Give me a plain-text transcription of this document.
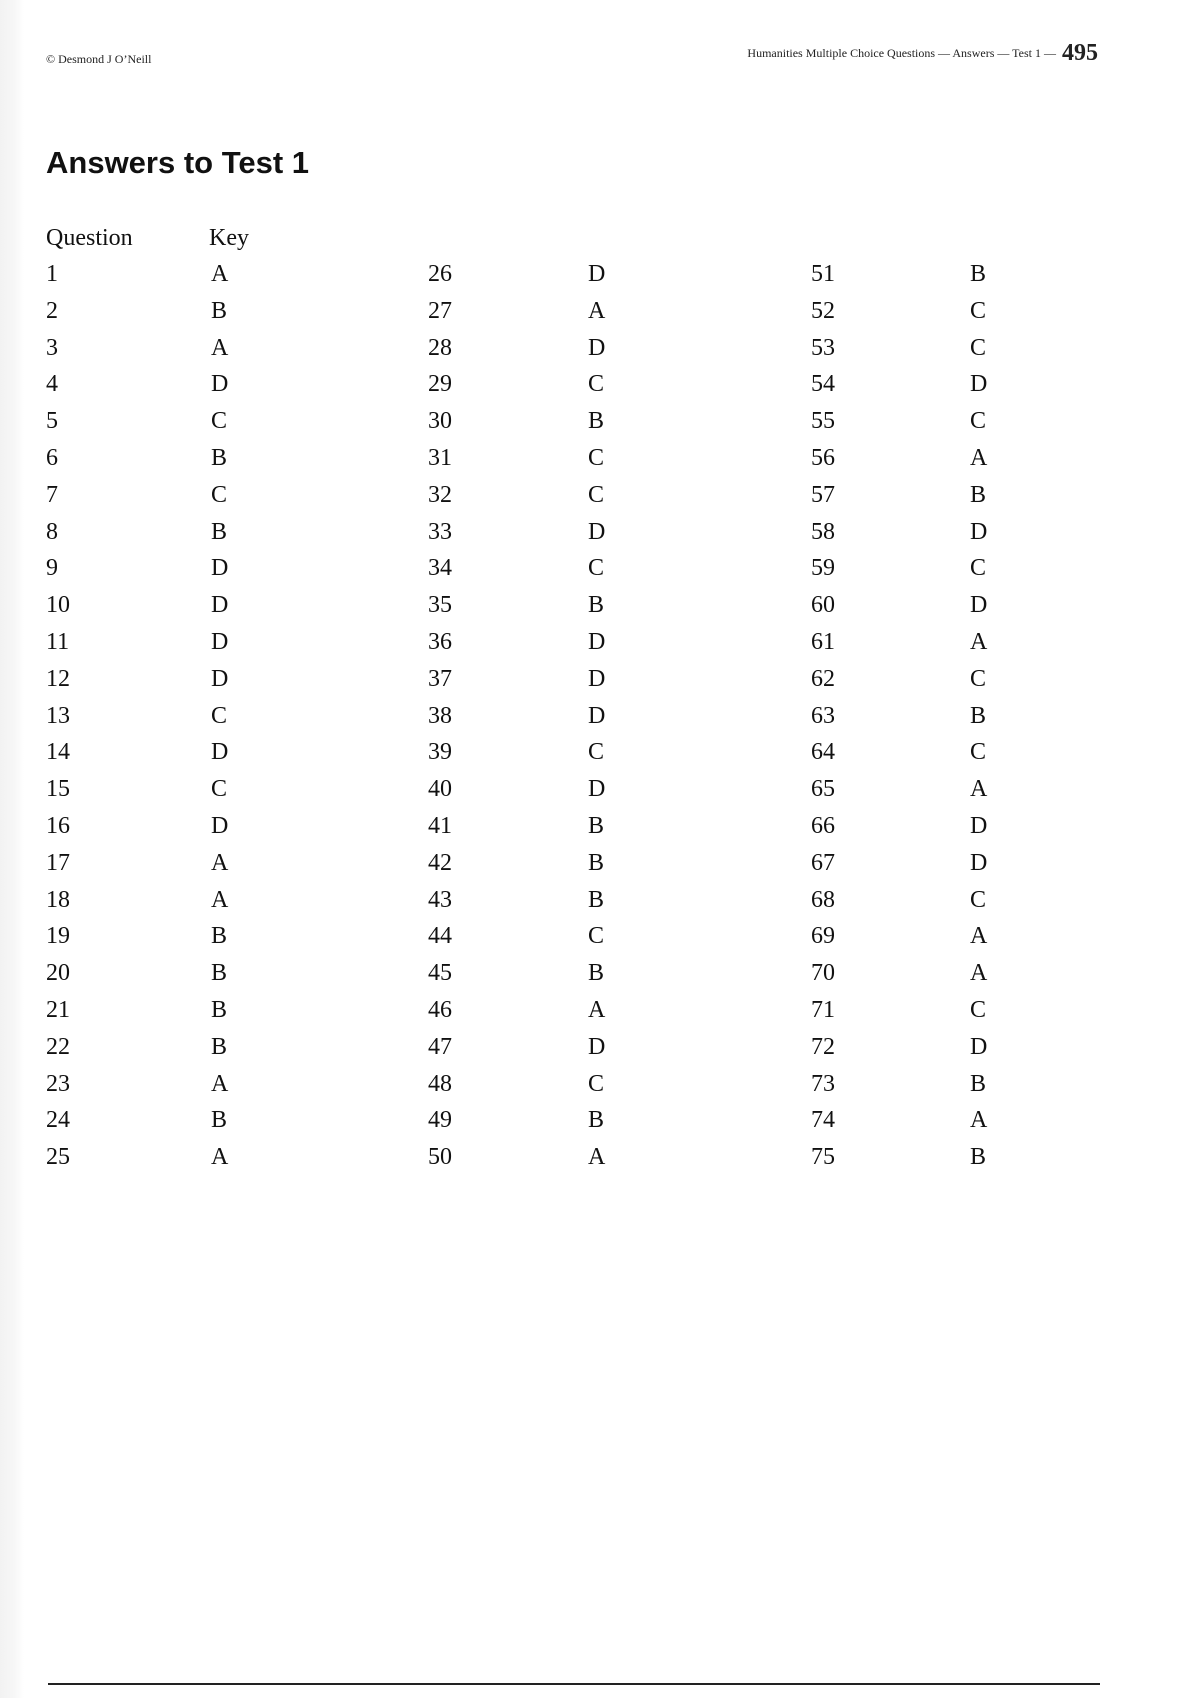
© Desmond J O’Neill	Humanities Multiple Choice Questions — Answers — Test 1 — 495
Answers to Test 1
Question	Key
1	A
2	B
3	A
4	D
5	C
6	B
7	C
8	B
9	D
10	D
11	D
12	D
13	C
14	D
15	C
16	D
17	A
18	A
19	B
20	B
21	B
22	B
23	A
24	B
25	A
26	D
27	A
28	D
29	C
30	B
31	C
32	C
33	D
34	C
35	B
36	D
37	D
38	D
39	C
40	D
41	B
42	B
43	B
44	C
45	B
46	A
47	D
48	C
49	B
50	A
51	B
52	C
53	C
54	D
55	C
56	A
57	B
58	D
59	C
60	D
61	A
62	C
63	B
64	C
65	A
66	D
67	D
68	C
69	A
70	A
71	C
72	D
73	B
74	A
75	B
